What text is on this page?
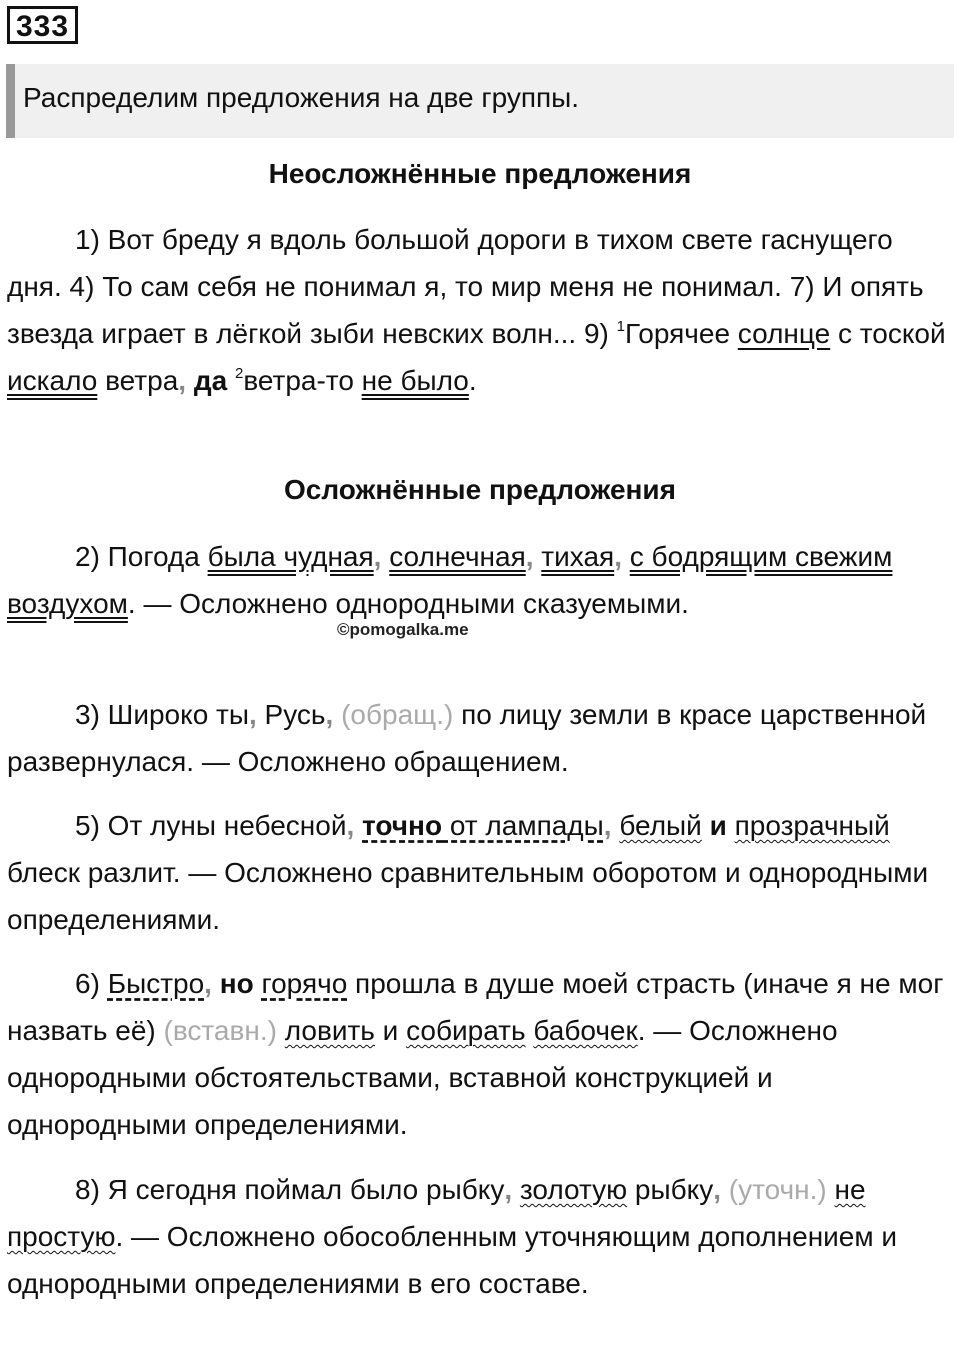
333
Распределим предложения на две группы.
Неосложнённые предложения

1) Вот бреду я вдоль большой дороги в тихом свете гаснущего дня. 4) То сам себя не понимал я, то мир меня не понимал. 7) И опять звезда играет в лёгкой зыби невских волн... 9) $^1$Горячее солнце с тоской искало ветра, да $^2$ветра-то не было.

Осложнённые предложения

2) Погода была чудная, солнечная, тихая, с бодрящим свежим воздухом. — Осложнено однородными сказуемыми.

©pomogalka.me

3) Широко ты, Русь, (обращ.) по лицу земли в красе царственной развернулася. — Осложнено обращением.

5) От луны небесной, точно от лампады, белый и прозрачный блеск разлит. — Осложнено сравнительным оборотом и однородными определениями.

6) Быстро, но горячо прошла в душе моей страсть (иначе я не мог назвать её) (вставн.) ловить и собирать бабочек. — Осложнено однородными обстоятельствами, вставной конструкцией и однородными определениями.

8) Я сегодня поймал было рыбку, золотую рыбку, (уточн.) не простую. — Осложнено обособленным уточняющим дополнением и однородными определениями в его составе.
